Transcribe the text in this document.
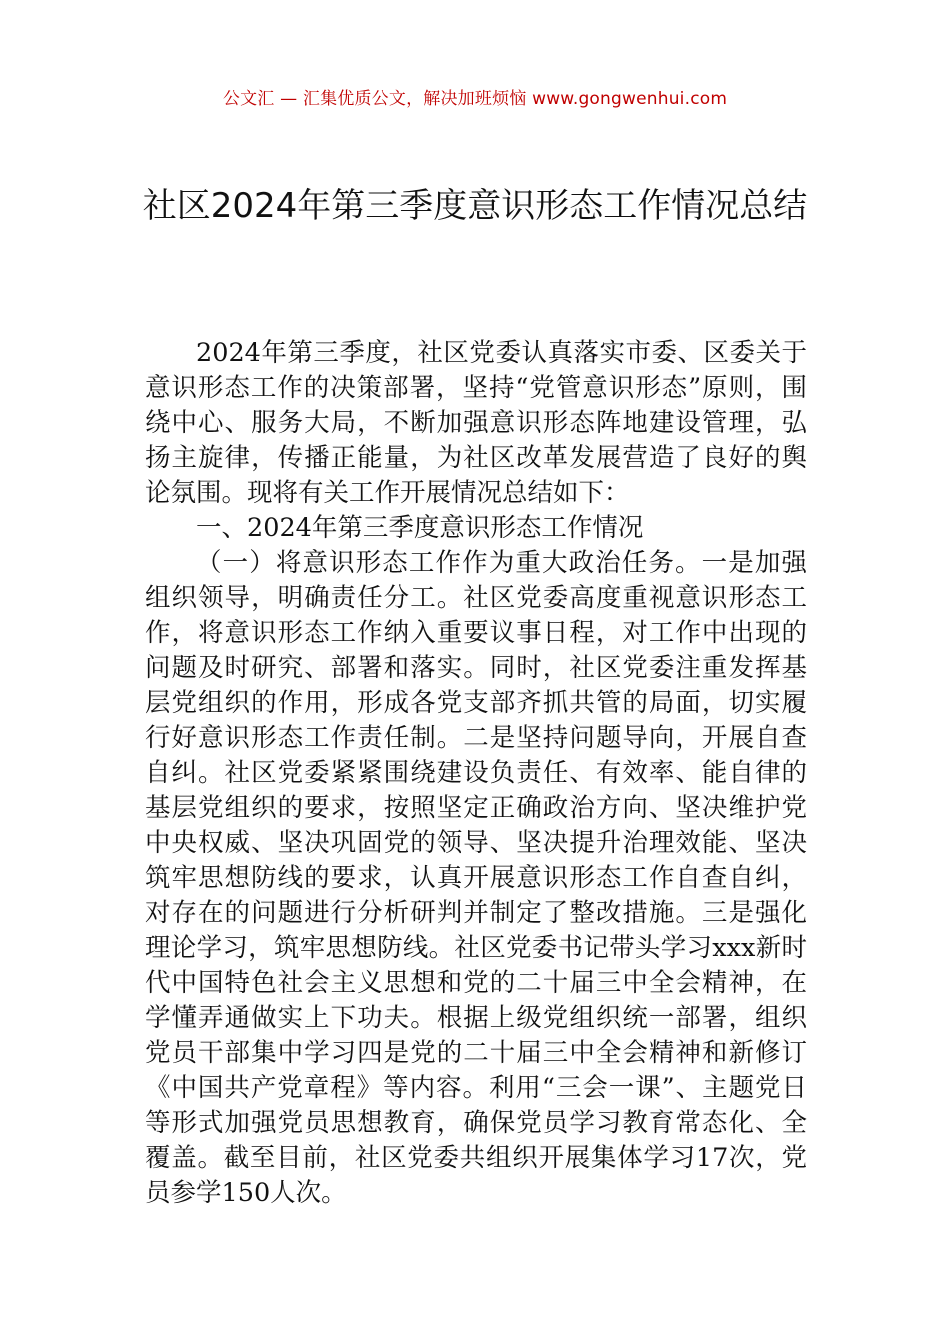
公文汇 — 汇集优质公文，解决加班烦恼 www.gongwenhui.com
社区2024年第三季度意识形态工作情况总结

2024年第三季度，社区党委认真落实市委、区委关于意识形态工作的决策部署，坚持“党管意识形态”原则，围绕中心、服务大局，不断加强意识形态阵地建设管理，弘扬主旋律，传播正能量，为社区改革发展营造了良好的舆论氛围。现将有关工作开展情况总结如下：

一、2024年第三季度意识形态工作情况

（一）将意识形态工作作为重大政治任务。一是加强组织领导，明确责任分工。社区党委高度重视意识形态工作，将意识形态工作纳入重要议事日程，对工作中出现的问题及时研究、部署和落实。同时，社区党委注重发挥基层党组织的作用，形成各党支部齐抓共管的局面，切实履行好意识形态工作责任制。二是坚持问题导向，开展自查自纠。社区党委紧紧围绕建设负责任、有效率、能自律的基层党组织的要求，按照坚定正确政治方向、坚决维护党中央权威、坚决巩固党的领导、坚决提升治理效能、坚决筑牢思想防线的要求，认真开展意识形态工作自查自纠，对存在的问题进行分析研判并制定了整改措施。三是强化理论学习，筑牢思想防线。社区党委书记带头学习xxx新时代中国特色社会主义思想和党的二十届三中全会精神，在学懂弄通做实上下功夫。根据上级党组织统一部署，组织党员干部集中学习四是党的二十届三中全会精神和新修订《中国共产党章程》等内容。利用“三会一课”、主题党日等形式加强党员思想教育，确保党员学习教育常态化、全覆盖。截至目前，社区党委共组织开展集体学习17次，党员参学150人次。
